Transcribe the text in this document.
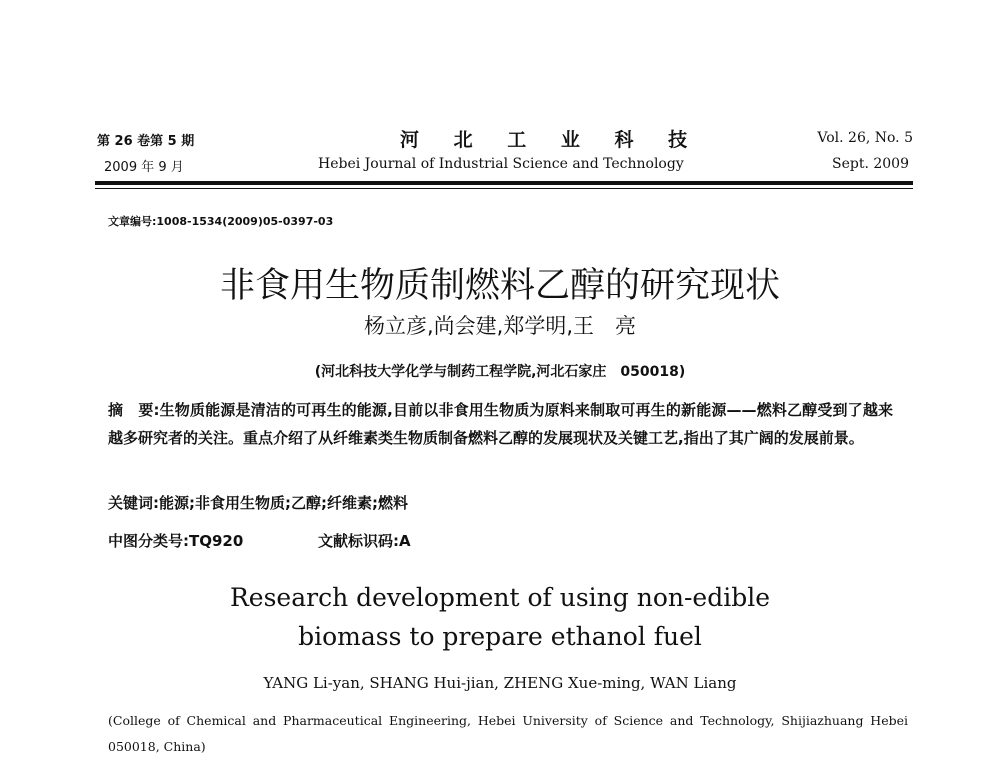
第 26 卷第 5 期
2009 年 9 月
河 北 工 业 科 技
Hebei Journal of Industrial Science and Technology
Vol. 26, No. 5
Sept. 2009
文章编号:1008-1534(2009)05-0397-03
非食用生物质制燃料乙醇的研究现状
杨立彦,尚会建,郑学明,王　亮
(河北科技大学化学与制药工程学院,河北石家庄　050018)
摘　要:生物质能源是清洁的可再生的能源,目前以非食用生物质为原料来制取可再生的新能源——燃料乙醇受到了越来越多研究者的关注。重点介绍了从纤维素类生物质制备燃料乙醇的发展现状及关键工艺,指出了其广阔的发展前景。
关键词:能源;非食用生物质;乙醇;纤维素;燃料
中图分类号:TQ920	文献标识码:A
Research development of using non-edible
biomass to prepare ethanol fuel
YANG Li-yan, SHANG Hui-jian, ZHENG Xue-ming, WAN Liang
(College of Chemical and Pharmaceutical Engineering, Hebei University of Science and Technology, Shijiazhuang Hebei 050018, China)
